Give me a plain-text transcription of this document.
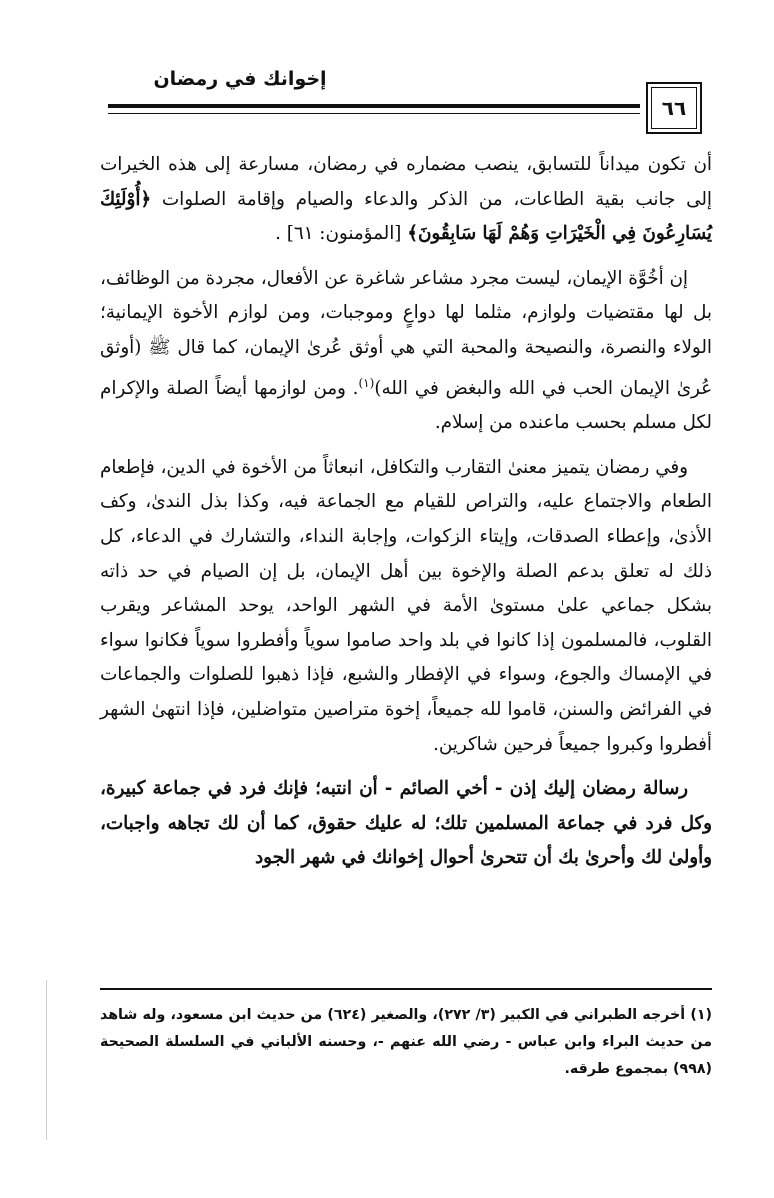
إخوانك في رمضان
٦٦

أن تكون ميداناً للتسابق، ينصب مضماره في رمضان، مسارعة إلى هذه الخيرات إلى جانب بقية الطاعات، من الذكر والدعاء والصيام وإقامة الصلوات ﴿أُوْلَئِكَ يُسَارِعُونَ فِي الْخَيْرَاتِ وَهُمْ لَهَا سَابِقُونَ﴾ [المؤمنون: ٦١] .

إن أخُوَّة الإيمان، ليست مجرد مشاعر شاغرة عن الأفعال، مجردة من الوظائف، بل لها مقتضيات ولوازم، مثلما لها دواعٍ وموجبات، ومن لوازم الأخوة الإيمانية؛ الولاء والنصرة، والنصيحة والمحبة التي هي أوثق عُرىٰ الإيمان، كما قال ﷺ (أوثق عُرىٰ الإيمان الحب في الله والبغض في الله)$^{(١)}$. ومن لوازمها أيضاً الصلة والإكرام لكل مسلم بحسب ماعنده من إسلام.

وفي رمضان يتميز معنىٰ التقارب والتكافل، انبعاثاً من الأخوة في الدين، فإطعام الطعام والاجتماع عليه، والتراص للقيام مع الجماعة فيه، وكذا بذل الندىٰ، وكف الأذىٰ، وإعطاء الصدقات، وإيتاء الزكوات، وإجابة النداء، والتشارك في الدعاء، كل ذلك له تعلق بدعم الصلة والإخوة بين أهل الإيمان، بل إن الصيام في حد ذاته بشكل جماعي علىٰ مستوىٰ الأمة في الشهر الواحد، يوحد المشاعر ويقرب القلوب، فالمسلمون إذا كانوا في بلد واحد صاموا سوياً وأفطروا سوياً فكانوا سواء في الإمساك والجوع، وسواء في الإفطار والشبع، فإذا ذهبوا للصلوات والجماعات في الفرائض والسنن، قاموا لله جميعاً، إخوة متراصين متواضلين، فإذا انتهىٰ الشهر أفطروا وكبروا جميعاً فرحين شاكرين.

رسالة رمضان إليك إذن - أخي الصائم - أن انتبه؛ فإنك فرد في جماعة كبيرة، وكل فرد في جماعة المسلمين تلك؛ له عليك حقوق، كما أن لك تجاهه واجبات، وأولىٰ لك وأحرىٰ بك أن تتحرىٰ أحوال إخوانك في شهر الجود

(١) أخرجه الطبراني في الكبير (٣/ ٢٧٢)، والصغير (٦٢٤) من حديث ابن مسعود، وله شاهد من حديث البراء وابن عباس - رضي الله عنهم -، وحسنه الألباني في السلسلة الصحيحة (٩٩٨) بمجموع طرقه.
